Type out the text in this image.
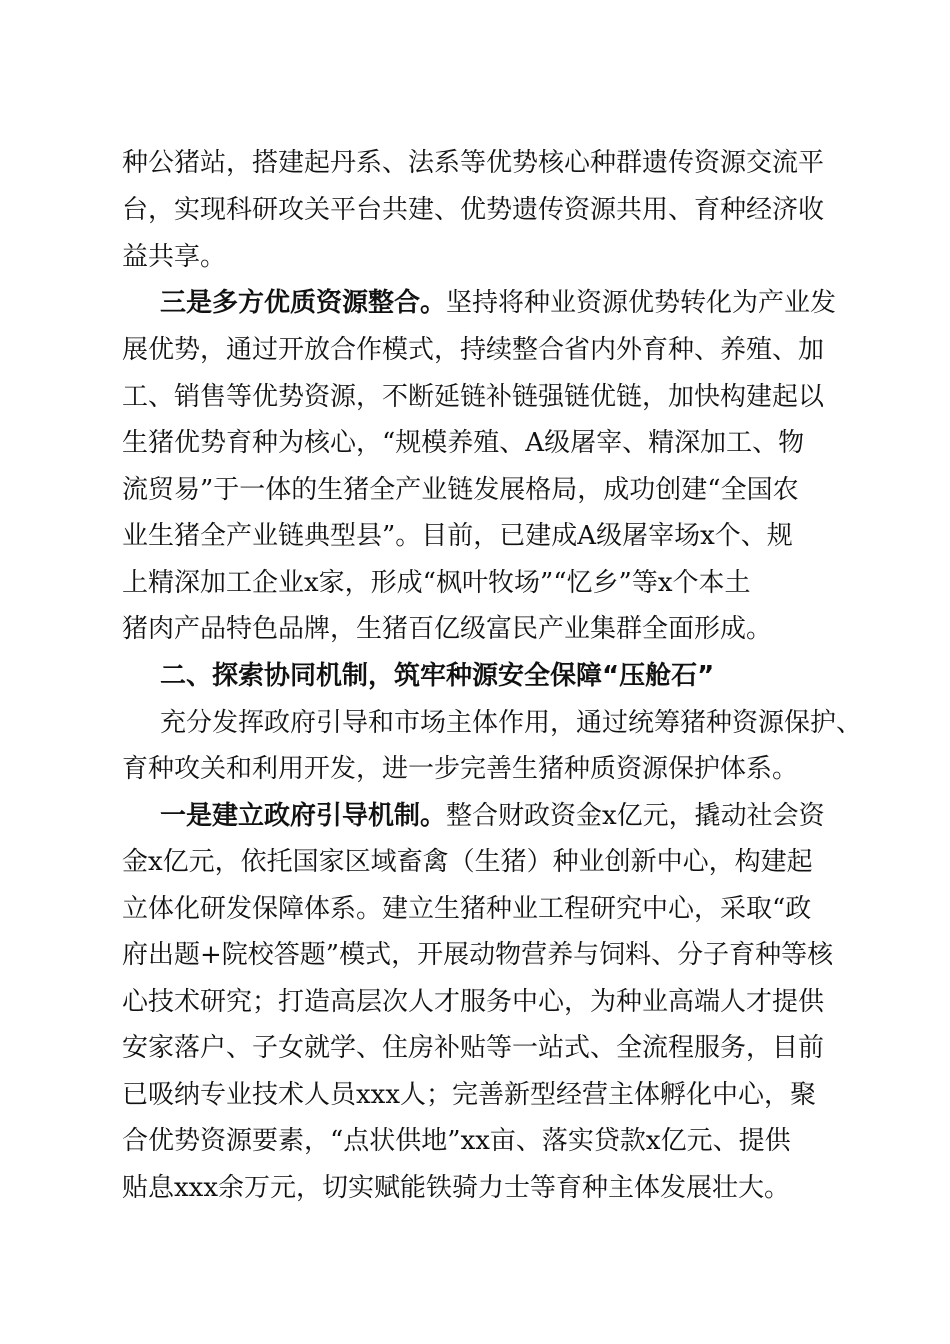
种公猪站，搭建起丹系、法系等优势核心种群遗传资源交流平
台，实现科研攻关平台共建、优势遗传资源共用、育种经济收
益共享。
三是多方优质资源整合。坚持将种业资源优势转化为产业发
展优势，通过开放合作模式，持续整合省内外育种、养殖、加
工、销售等优势资源，不断延链补链强链优链，加快构建起以
生猪优势育种为核心，“规模养殖、A级屠宰、精深加工、物
流贸易”于一体的生猪全产业链发展格局，成功创建“全国农
业生猪全产业链典型县”。目前，已建成A级屠宰场x个、规
上精深加工企业x家，形成“枫叶牧场”“忆乡”等x个本土
猪肉产品特色品牌，生猪百亿级富民产业集群全面形成。
二、探索协同机制，筑牢种源安全保障“压舱石”
充分发挥政府引导和市场主体作用，通过统筹猪种资源保护、
育种攻关和利用开发，进一步完善生猪种质资源保护体系。
一是建立政府引导机制。整合财政资金x亿元，撬动社会资
金x亿元，依托国家区域畜禽（生猪）种业创新中心，构建起
立体化研发保障体系。建立生猪种业工程研究中心，采取“政
府出题+院校答题”模式，开展动物营养与饲料、分子育种等核
心技术研究；打造高层次人才服务中心，为种业高端人才提供
安家落户、子女就学、住房补贴等一站式、全流程服务，目前
已吸纳专业技术人员xxx人；完善新型经营主体孵化中心，聚
合优势资源要素，“点状供地”xx亩、落实贷款x亿元、提供
贴息xxx余万元，切实赋能铁骑力士等育种主体发展壮大。
